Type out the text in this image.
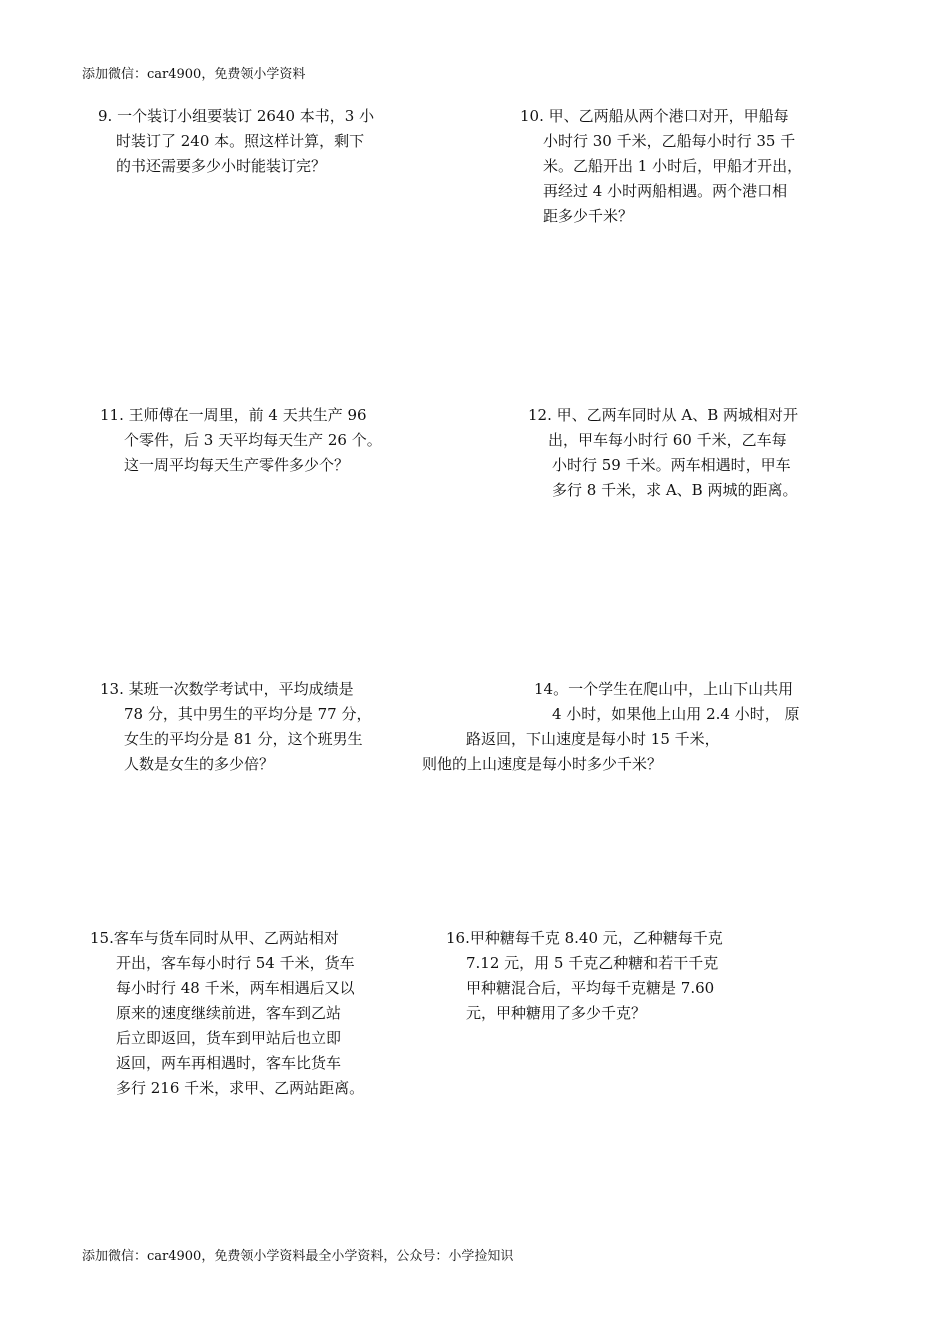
添加微信：car4900，免费领小学资料
9. 一个装订小组要装订 2640 本书，3 小
时装订了 240 本。照这样计算，剩下
的书还需要多少小时能装订完？
10. 甲、乙两船从两个港口对开，甲船每
小时行 30 千米，乙船每小时行 35 千
米。乙船开出 1 小时后，甲船才开出，
再经过 4 小时两船相遇。两个港口相
距多少千米？
11. 王师傅在一周里，前 4 天共生产 96
个零件，后 3 天平均每天生产 26 个。
这一周平均每天生产零件多少个？
12. 甲、乙两车同时从 A、B 两城相对开
出，甲车每小时行 60 千米，乙车每
小时行 59 千米。两车相遇时，甲车
多行 8 千米，求 A、B 两城的距离。
13. 某班一次数学考试中，平均成绩是
78 分，其中男生的平均分是 77 分，
女生的平均分是 81 分，这个班男生
人数是女生的多少倍？
14。一个学生在爬山中，上山下山共用
4 小时，如果他上山用 2.4 小时， 原
路返回，下山速度是每小时 15 千米，
则他的上山速度是每小时多少千米？
15.客车与货车同时从甲、乙两站相对
开出，客车每小时行 54 千米，货车
每小时行 48 千米，两车相遇后又以
原来的速度继续前进，客车到乙站
后立即返回，货车到甲站后也立即
返回，两车再相遇时，客车比货车
多行 216 千米，求甲、乙两站距离。
16.甲种糖每千克 8.40 元，乙种糖每千克
7.12 元，用 5 千克乙种糖和若干千克
甲种糖混合后，平均每千克糖是 7.60
元，甲种糖用了多少千克？
添加微信：car4900，免费领小学资料最全小学资料，公众号：小学捡知识
